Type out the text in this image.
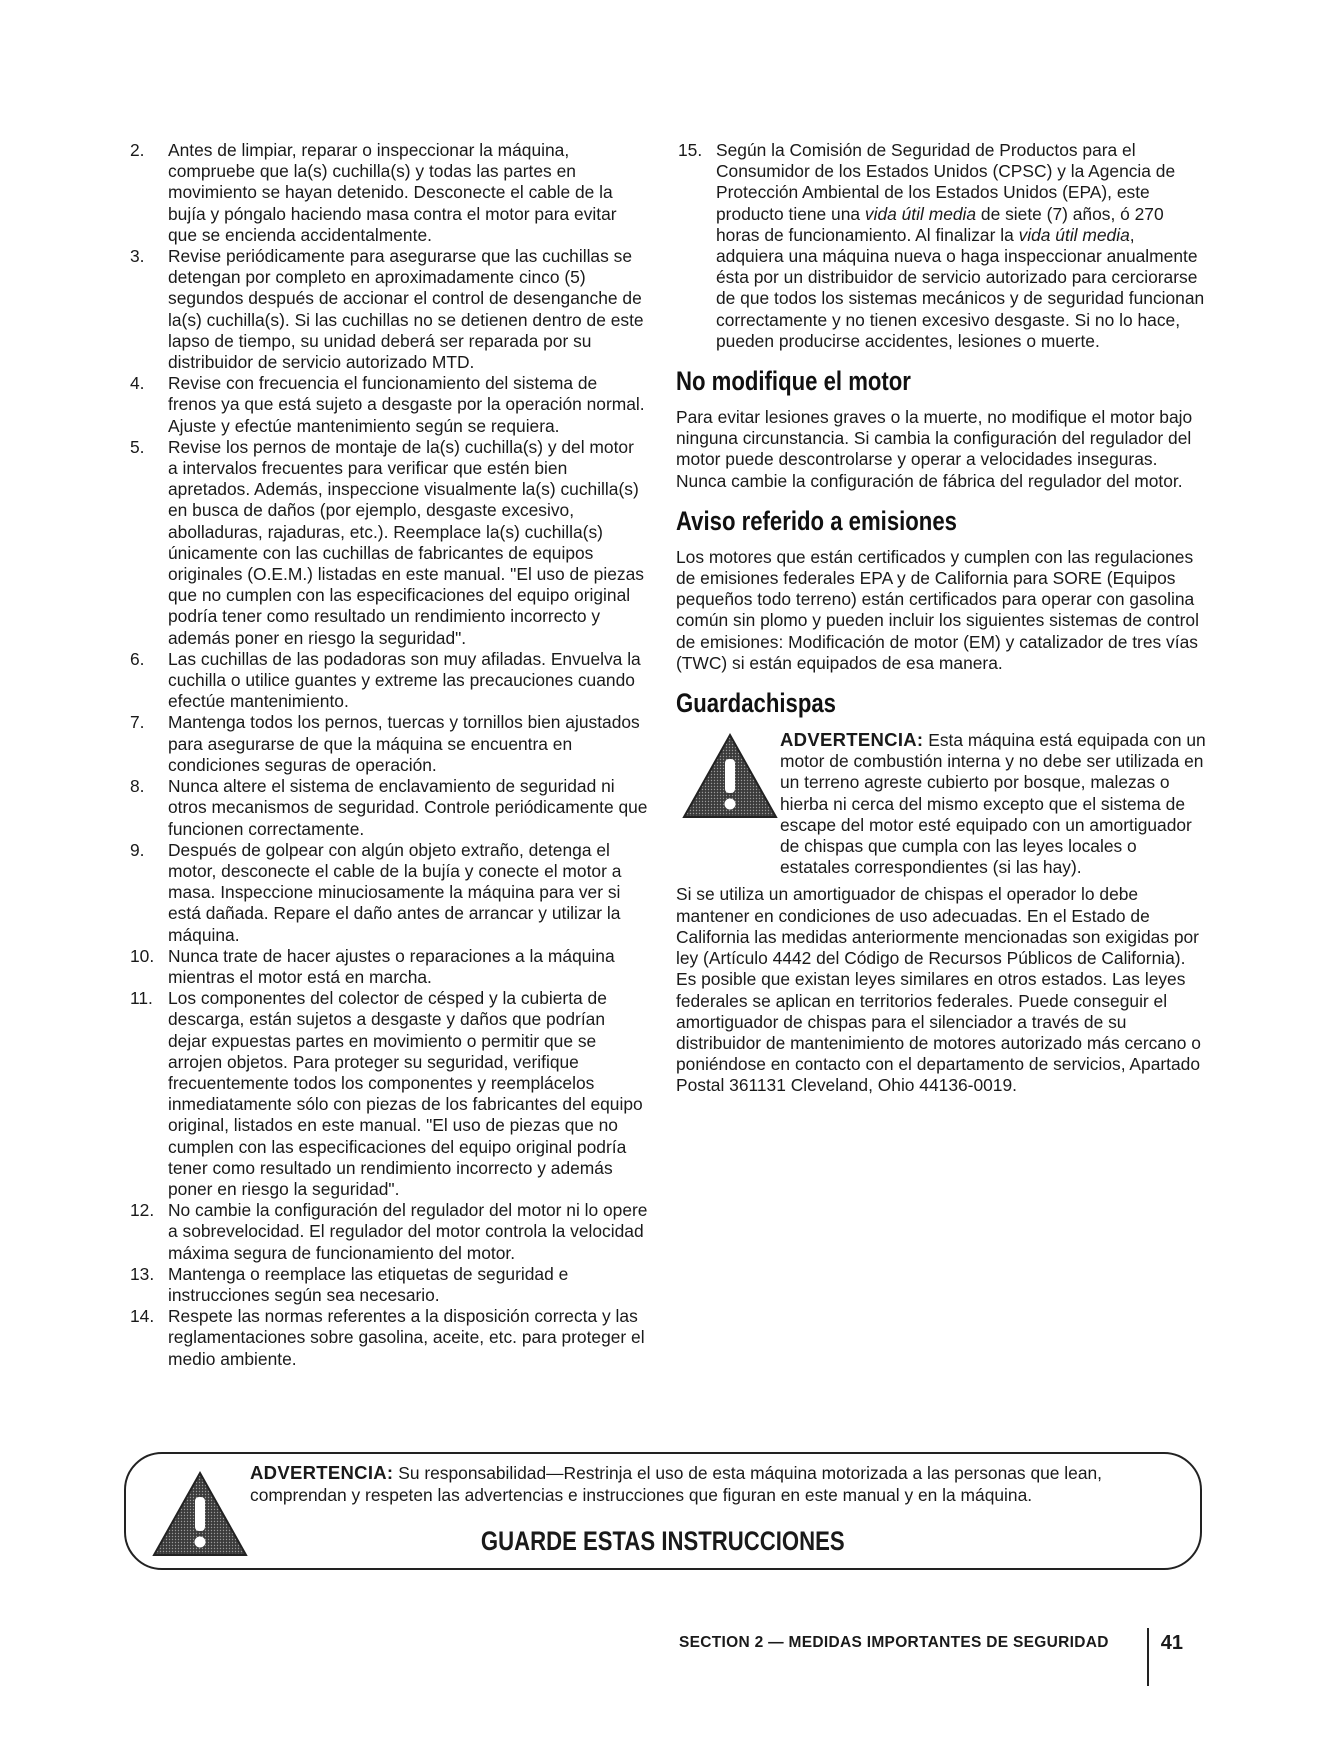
2.	Antes de limpiar, reparar o inspeccionar la máquina, compruebe que la(s) cuchilla(s) y todas las partes en movimiento se hayan detenido. Desconecte el cable de la bujía y póngalo haciendo masa contra el motor para evitar que se encienda accidentalmente.
3.	Revise periódicamente para asegurarse que las cuchillas se detengan por completo en aproximadamente cinco (5) segundos después de accionar el control de desenganche de la(s) cuchilla(s). Si las cuchillas no se detienen dentro de este lapso de tiempo, su unidad deberá ser reparada por su distribuidor de servicio autorizado MTD.
4.	Revise con frecuencia el funcionamiento del sistema de frenos ya que está sujeto a desgaste por la operación normal. Ajuste y efectúe mantenimiento según se requiera.
5.	Revise los pernos de montaje de la(s) cuchilla(s) y del motor a intervalos frecuentes para verificar que estén bien apretados. Además, inspeccione visualmente la(s) cuchilla(s) en busca de daños (por ejemplo, desgaste excesivo, abolladuras, rajaduras, etc.). Reemplace la(s) cuchilla(s) únicamente con las cuchillas de fabricantes de equipos originales (O.E.M.) listadas en este manual. "El uso de piezas que no cumplen con las especificaciones del equipo original podría tener como resultado un rendimiento incorrecto y además poner en riesgo la seguridad".
6.	Las cuchillas de las podadoras son muy afiladas. Envuelva la cuchilla o utilice guantes y extreme las precauciones cuando efectúe mantenimiento.
7.	Mantenga todos los pernos, tuercas y tornillos bien ajustados para asegurarse de que la máquina se encuentra en condiciones seguras de operación.
8.	Nunca altere el sistema de enclavamiento de seguridad ni otros mecanismos de seguridad. Controle periódicamente que funcionen correctamente.
9.	Después de golpear con algún objeto extraño, detenga el motor, desconecte el cable de la bujía y conecte el motor a masa. Inspeccione minuciosamente la máquina para ver si está dañada. Repare el daño antes de arrancar y utilizar la máquina.
10. Nunca trate de hacer ajustes o reparaciones a la máquina mientras el motor está en marcha.
11. Los componentes del colector de césped y la cubierta de descarga, están sujetos a desgaste y daños que podrían dejar expuestas partes en movimiento o permitir que se arrojen objetos. Para proteger su seguridad, verifique frecuentemente todos los componentes y reemplácelos inmediatamente sólo con piezas de los fabricantes del equipo original, listados en este manual. "El uso de piezas que no cumplen con las especificaciones del equipo original podría tener como resultado un rendimiento incorrecto y además poner en riesgo la seguridad".
12. No cambie la configuración del regulador del motor ni lo opere a sobrevelocidad. El regulador del motor controla la velocidad máxima segura de funcionamiento del motor.
13. Mantenga o reemplace las etiquetas de seguridad e instrucciones según sea necesario.
14. Respete las normas referentes a la disposición correcta y las reglamentaciones sobre gasolina, aceite, etc. para proteger el medio ambiente.
15. Según la Comisión de Seguridad de Productos para el Consumidor de los Estados Unidos (CPSC) y la Agencia de Protección Ambiental de los Estados Unidos (EPA), este producto tiene una vida útil media de siete (7) años, ó 270 horas de funcionamiento. Al finalizar la vida útil media, adquiera una máquina nueva o haga inspeccionar anualmente ésta por un distribuidor de servicio autorizado para cerciorarse de que todos los sistemas mecánicos y de seguridad funcionan correctamente y no tienen excesivo desgaste. Si no lo hace, pueden producirse accidentes, lesiones o muerte.
No modifique el motor

Para evitar lesiones graves o la muerte, no modifique el motor bajo ninguna circunstancia. Si cambia la configuración del regulador del motor puede descontrolarse y operar a velocidades inseguras. Nunca cambie la configuración de fábrica del regulador del motor.

Aviso referido a emisiones

Los motores que están certificados y cumplen con las regulaciones de emisiones federales EPA y de California para SORE (Equipos pequeños todo terreno) están certificados para operar con gasolina común sin plomo y pueden incluir los siguientes sistemas de control de emisiones: Modificación de motor (EM) y catalizador de tres vías (TWC) si están equipados de esa manera.

Guardachispas
ADVERTENCIA: Esta máquina está equipada con un motor de combustión interna y no debe ser utilizada en un terreno agreste cubierto por bosque, malezas o hierba ni cerca del mismo excepto que el sistema de escape del motor esté equipado con un amortiguador de chispas que cumpla con las leyes locales o estatales correspondientes (si las hay).

Si se utiliza un amortiguador de chispas el operador lo debe mantener en condiciones de uso adecuadas. En el Estado de California las medidas anteriormente mencionadas son exigidas por ley (Artículo 4442 del Código de Recursos Públicos de California). Es posible que existan leyes similares en otros estados. Las leyes federales se aplican en territorios federales. Puede conseguir el amortiguador de chispas para el silenciador a través de su distribuidor de mantenimiento de motores autorizado más cercano o poniéndose en contacto con el departamento de servicios, Apartado Postal 361131 Cleveland, Ohio 44136-0019.

ADVERTENCIA: Su responsabilidad—Restrinja el uso de esta máquina motorizada a las personas que lean, comprendan y respeten las advertencias e instrucciones que figuran en este manual y en la máquina.
GUARDE ESTAS INSTRUCCIONES
SECTION 2 — MEDIDAS IMPORTANTES DE SEGURIDAD	41
